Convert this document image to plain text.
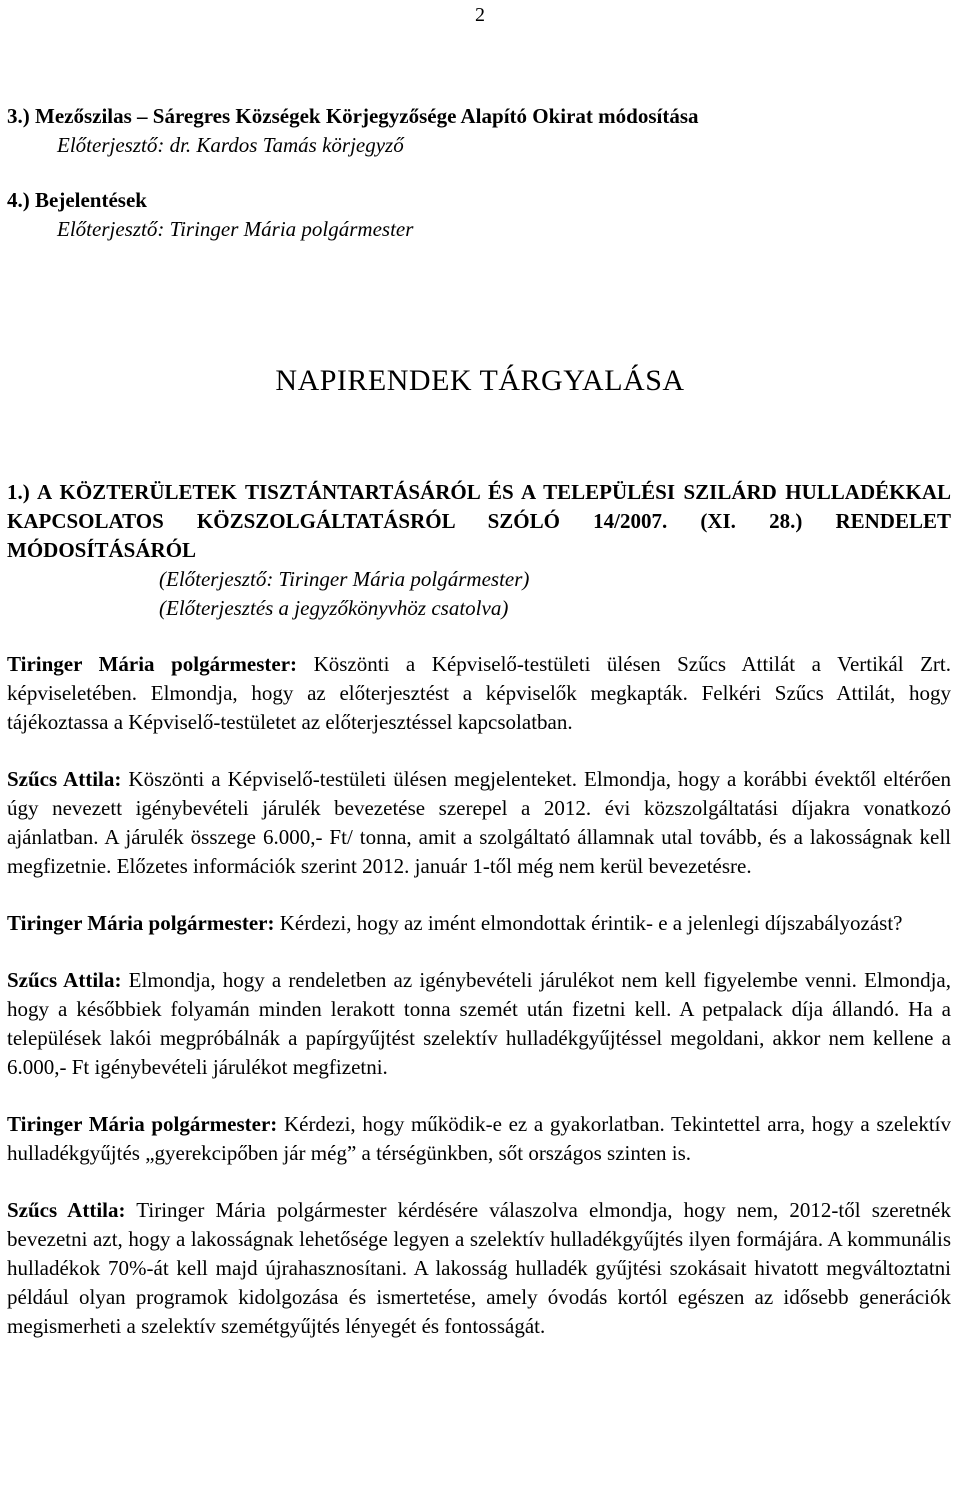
2
3.) Mezőszilas – Sáregres Községek Körjegyzősége Alapító Okirat módosítása
Előterjesztő: dr. Kardos Tamás körjegyző
4.) Bejelentések
Előterjesztő: Tiringer Mária polgármester
NAPIRENDEK TÁRGYALÁSA

1.) A KÖZTERÜLETEK TISZTÁNTARTÁSÁRÓL ÉS A TELEPÜLÉSI SZILÁRD HULLADÉKKAL KAPCSOLATOS KÖZSZOLGÁLTATÁSRÓL SZÓLÓ 14/2007. (XI. 28.) RENDELET MÓDOSÍTÁSÁRÓL

(Előterjesztő: Tiringer Mária polgármester)

(Előterjesztés a jegyzőkönyvhöz csatolva)

Tiringer Mária polgármester: Köszönti a Képviselő-testületi ülésen Szűcs Attilát a Vertikál Zrt. képviseletében. Elmondja, hogy az előterjesztést a képviselők megkapták. Felkéri Szűcs Attilát, hogy tájékoztassa a Képviselő-testületet az előterjesztéssel kapcsolatban.

Szűcs Attila: Köszönti a Képviselő-testületi ülésen megjelenteket. Elmondja, hogy a korábbi évektől eltérően úgy nevezett igénybevételi járulék bevezetése szerepel a 2012. évi közszolgáltatási díjakra vonatkozó ajánlatban. A járulék összege 6.000,- Ft/ tonna, amit a szolgáltató államnak utal tovább, és a lakosságnak kell megfizetnie. Előzetes információk szerint 2012. január 1-től még nem kerül bevezetésre.

Tiringer Mária polgármester: Kérdezi, hogy az imént elmondottak érintik- e a jelenlegi díjszabályozást?

Szűcs Attila: Elmondja, hogy a rendeletben az igénybevételi járulékot nem kell figyelembe venni. Elmondja, hogy a későbbiek folyamán minden lerakott tonna szemét után fizetni kell. A petpalack díja állandó. Ha a települések lakói megpróbálnák a papírgyűjtést szelektív hulladékgyűjtéssel megoldani, akkor nem kellene a 6.000,- Ft igénybevételi járulékot megfizetni.

Tiringer Mária polgármester: Kérdezi, hogy működik-e ez a gyakorlatban. Tekintettel arra, hogy a szelektív hulladékgyűjtés „gyerekcipőben jár még” a térségünkben, sőt országos szinten is.

Szűcs Attila: Tiringer Mária polgármester kérdésére válaszolva elmondja, hogy nem, 2012-től szeretnék bevezetni azt, hogy a lakosságnak lehetősége legyen a szelektív hulladékgyűjtés ilyen formájára. A kommunális hulladékok 70%-át kell majd újrahasznosítani. A lakosság hulladék gyűjtési szokásait hivatott megváltoztatni például olyan programok kidolgozása és ismertetése, amely óvodás kortól egészen az idősebb generációk megismerheti a szelektív szemétgyűjtés lényegét és fontosságát.
